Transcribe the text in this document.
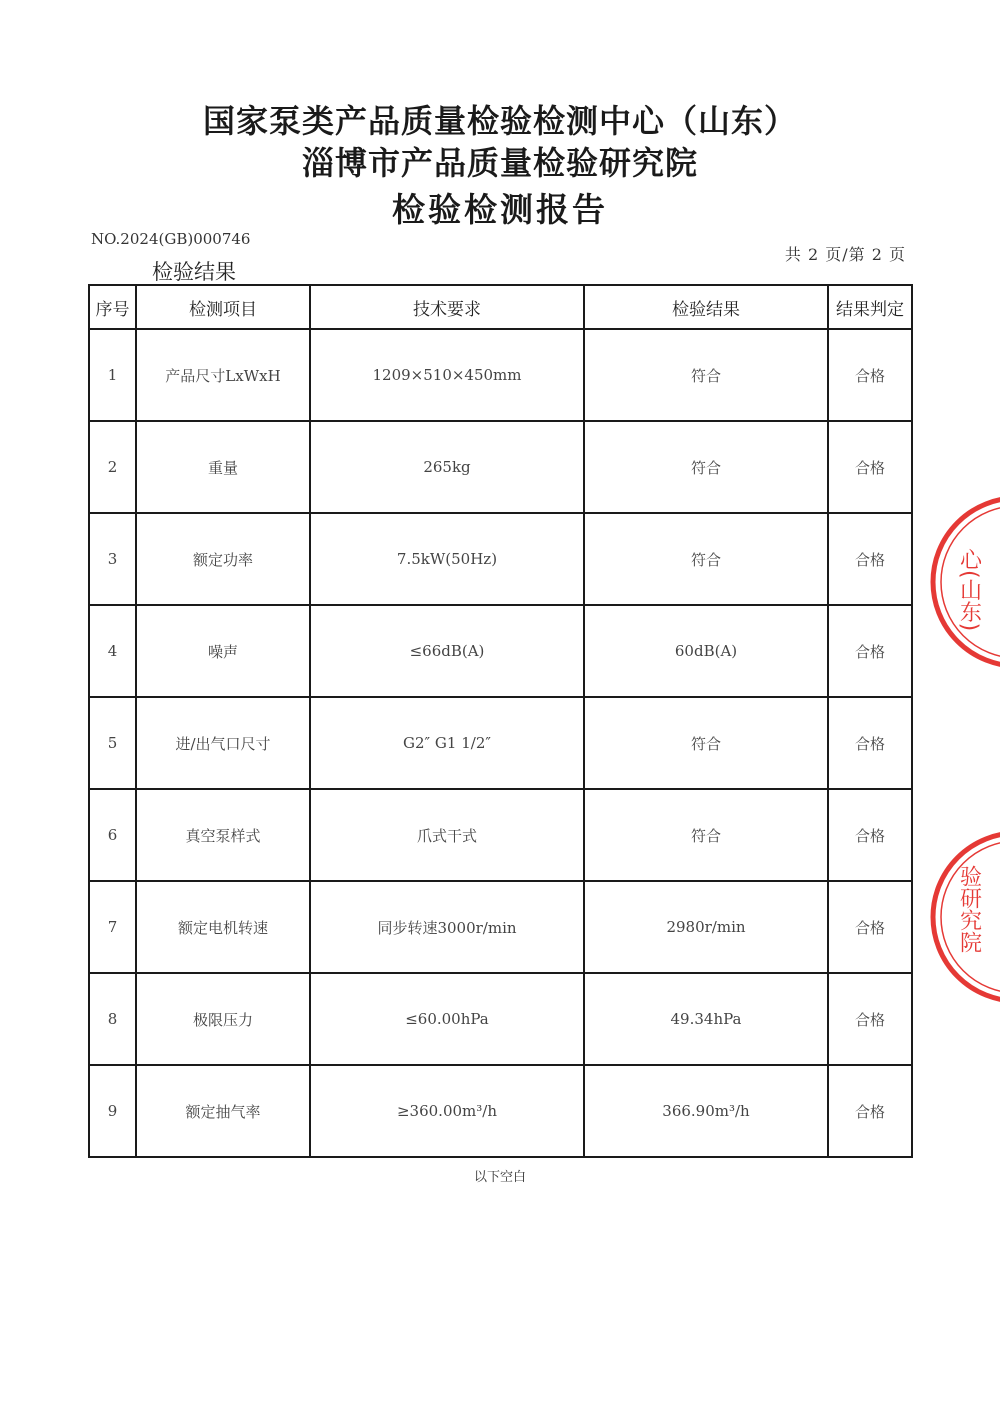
国家泵类产品质量检验检测中心（山东）
淄博市产品质量检验研究院
检验检测报告
NO.2024(GB)000746
共 2 页/第 2 页
检验结果
序号	检测项目	技术要求	检验结果	结果判定
1	产品尺寸LxWxH	1209×510×450mm	符合	合格
2	重量	265kg	符合	合格
3	额定功率	7.5kW(50Hz)	符合	合格
4	噪声	≤66dB(A)	60dB(A)	合格
5	进/出气口尺寸	G2″ G1 1/2″	符合	合格
6	真空泵样式	爪式干式	符合	合格
7	额定电机转速	同步转速3000r/min	2980r/min	合格
8	极限压力	≤60.00hPa	49.34hPa	合格
9	额定抽气率	≥360.00m³/h	366.90m³/h	合格
以下空白
心(山东)
验研究院
